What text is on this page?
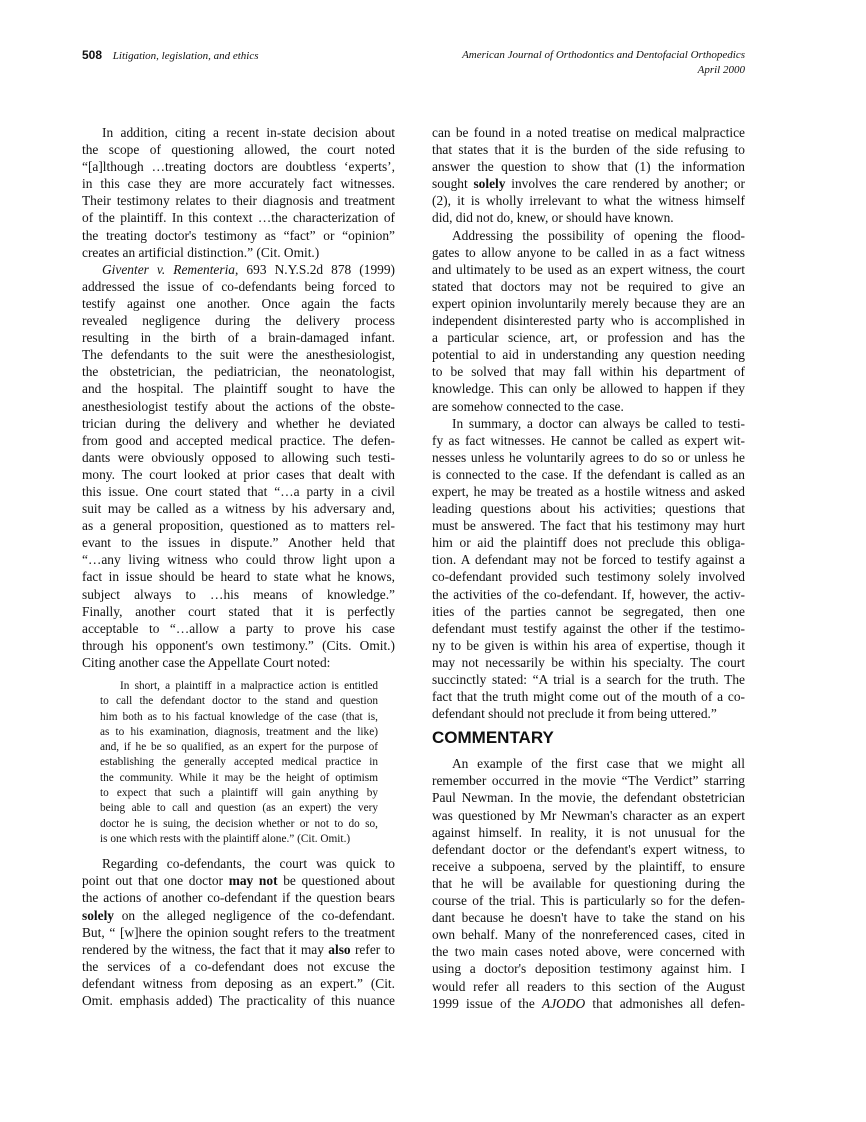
508 Litigation, legislation, and ethics	American Journal of Orthodontics and Dentofacial Orthopedics
April 2000
In addition, citing a recent in-state decision about
the scope of questioning allowed, the court noted
“[a]lthough …treating doctors are doubtless ‘experts’,
in this case they are more accurately fact witnesses.
Their testimony relates to their diagnosis and treatment
of the plaintiff. In this context …the characterization of
the treating doctor's testimony as “fact” or “opinion”
creates an artificial distinction.” (Cit. Omit.)
Giventer v. Rementeria, 693 N.Y.S.2d 878 (1999)
addressed the issue of co-defendants being forced to
testify against one another. Once again the facts
revealed negligence during the delivery process
resulting in the birth of a brain-damaged infant.
The defendants to the suit were the anesthesiologist,
the obstetrician, the pediatrician, the neonatologist,
and the hospital. The plaintiff sought to have the
anesthesiologist testify about the actions of the obste-
trician during the delivery and whether he deviated
from good and accepted medical practice. The defen-
dants were obviously opposed to allowing such testi-
mony. The court looked at prior cases that dealt with
this issue. One court stated that “…a party in a civil
suit may be called as a witness by his adversary and,
as a general proposition, questioned as to matters rel-
evant to the issues in dispute.” Another held that
“…any living witness who could throw light upon a
fact in issue should be heard to state what he knows,
subject always to …his means of knowledge.”
Finally, another court stated that it is perfectly
acceptable to “…allow a party to prove his case
through his opponent's own testimony.” (Cits. Omit.)
Citing another case the Appellate Court noted:
In short, a plaintiff in a malpractice action is entitled
to call the defendant doctor to the stand and question
him both as to his factual knowledge of the case (that is,
as to his examination, diagnosis, treatment and the like)
and, if he be so qualified, as an expert for the purpose of
establishing the generally accepted medical practice in
the community. While it may be the height of optimism
to expect that such a plaintiff will gain anything by
being able to call and question (as an expert) the very
doctor he is suing, the decision whether or not to do so,
is one which rests with the plaintiff alone.” (Cit. Omit.)
Regarding co-defendants, the court was quick to
point out that one doctor may not be questioned about
the actions of another co-defendant if the question bears
solely on the alleged negligence of the co-defendant.
But, “ [w]here the opinion sought refers to the treatment
rendered by the witness, the fact that it may also refer to
the services of a co-defendant does not excuse the
defendant witness from deposing as an expert.” (Cit.
Omit. emphasis added) The practicality of this nuance
can be found in a noted treatise on medical malpractice
that states that it is the burden of the side refusing to
answer the question to show that (1) the information
sought solely involves the care rendered by another; or
(2), it is wholly irrelevant to what the witness himself
did, did not do, knew, or should have known.
Addressing the possibility of opening the flood-
gates to allow anyone to be called in as a fact witness
and ultimately to be used as an expert witness, the court
stated that doctors may not be required to give an
expert opinion involuntarily merely because they are an
independent disinterested party who is accomplished in
a particular science, art, or profession and has the
potential to aid in understanding any question needing
to be solved that may fall within his department of
knowledge. This can only be allowed to happen if they
are somehow connected to the case.
In summary, a doctor can always be called to testi-
fy as fact witnesses. He cannot be called as expert wit-
nesses unless he voluntarily agrees to do so or unless he
is connected to the case. If the defendant is called as an
expert, he may be treated as a hostile witness and asked
leading questions about his activities; questions that
must be answered. The fact that his testimony may hurt
him or aid the plaintiff does not preclude this obliga-
tion. A defendant may not be forced to testify against a
co-defendant provided such testimony solely involved
the activities of the co-defendant. If, however, the activ-
ities of the parties cannot be segregated, then one
defendant must testify against the other if the testimo-
ny to be given is within his area of expertise, though it
may not necessarily be within his specialty. The court
succinctly stated: “A trial is a search for the truth. The
fact that the truth might come out of the mouth of a co-
defendant should not preclude it from being uttered.”
COMMENTARY
An example of the first case that we might all
remember occurred in the movie “The Verdict” starring
Paul Newman. In the movie, the defendant obstetrician
was questioned by Mr Newman's character as an expert
against himself. In reality, it is not unusual for the
defendant doctor or the defendant's expert witness, to
receive a subpoena, served by the plaintiff, to ensure
that he will be available for questioning during the
course of the trial. This is particularly so for the defen-
dant because he doesn't have to take the stand on his
own behalf. Many of the nonreferenced cases, cited in
the two main cases noted above, were concerned with
using a doctor's deposition testimony against him. I
would refer all readers to this section of the August
1999 issue of the AJODO that admonishes all defen-
